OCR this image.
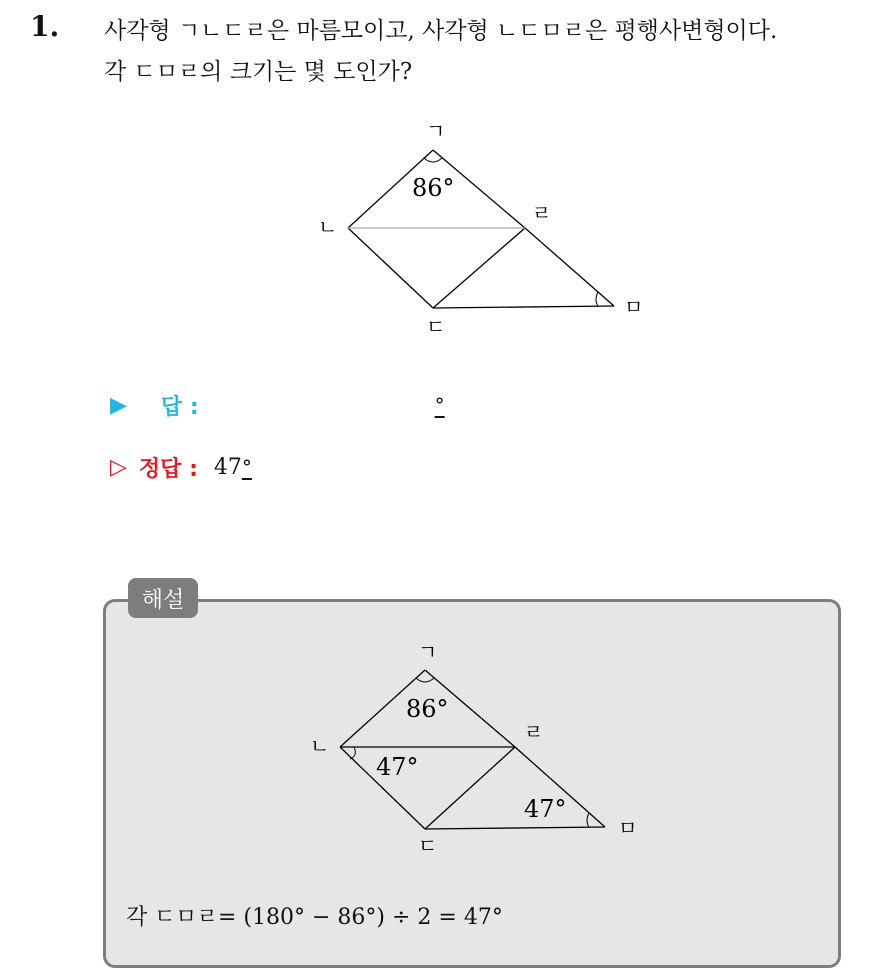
1. 사각형 ㄱㄴㄷㄹ은 마름모이고, 사각형 ㄴㄷㅁㄹ은 평행사변형이다.
각 ㄷㅁㄹ의 크기는 몇 도인가?
ㄱ
ㄴ
ㄹ
ㄷ
ㅁ
86°
▶ 답 :	°
▷ 정답 : 47 °
해설
ㄱ
ㄴ
ㄹ
ㄷ
ㅁ
86°
47°
47°
각 ㄷㅁㄹ= (180° − 86°) ÷ 2 = 47°
